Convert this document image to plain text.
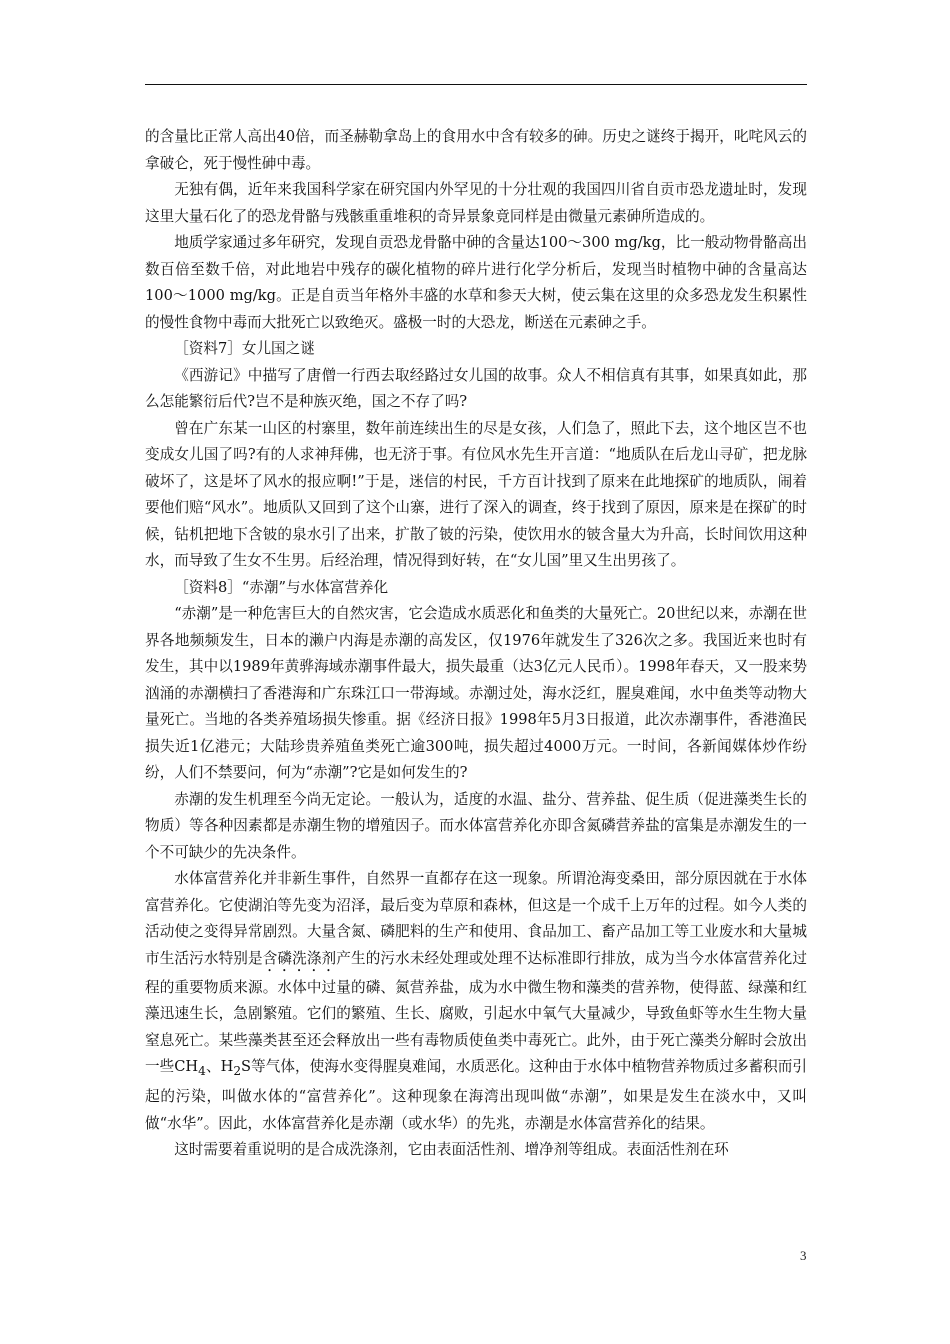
的含量比正常人高出40倍，而圣赫勒拿岛上的食用水中含有较多的砷。历史之谜终于揭开，叱咤风云的拿破仑，死于慢性砷中毒。

无独有偶，近年来我国科学家在研究国内外罕见的十分壮观的我国四川省自贡市恐龙遗址时，发现这里大量石化了的恐龙骨骼与残骸重重堆积的奇异景象竟同样是由微量元素砷所造成的。

地质学家通过多年研究，发现自贡恐龙骨骼中砷的含量达100～300 mg/kg，比一般动物骨骼高出数百倍至数千倍，对此地岩中残存的碳化植物的碎片进行化学分析后，发现当时植物中砷的含量高达100～1000 mg/kg。正是自贡当年格外丰盛的水草和参天大树，使云集在这里的众多恐龙发生积累性的慢性食物中毒而大批死亡以致绝灭。盛极一时的大恐龙，断送在元素砷之手。

［资料7］女儿国之谜

《西游记》中描写了唐僧一行西去取经路过女儿国的故事。众人不相信真有其事，如果真如此，那么怎能繁衍后代?岂不是种族灭绝，国之不存了吗?

曾在广东某一山区的村寨里，数年前连续出生的尽是女孩，人们急了，照此下去，这个地区岂不也变成女儿国了吗?有的人求神拜佛，也无济于事。有位风水先生开言道：“地质队在后龙山寻矿，把龙脉破坏了，这是坏了风水的报应啊!”于是，迷信的村民，千方百计找到了原来在此地探矿的地质队，闹着要他们赔“风水”。地质队又回到了这个山寨，进行了深入的调查，终于找到了原因，原来是在探矿的时候，钻机把地下含铍的泉水引了出来，扩散了铍的污染，使饮用水的铍含量大为升高，长时间饮用这种水，而导致了生女不生男。后经治理，情况得到好转，在“女儿国”里又生出男孩了。

［资料8］“赤潮”与水体富营养化

“赤潮”是一种危害巨大的自然灾害，它会造成水质恶化和鱼类的大量死亡。20世纪以来，赤潮在世界各地频频发生，日本的濑户内海是赤潮的高发区，仅1976年就发生了326次之多。我国近来也时有发生，其中以1989年黄骅海域赤潮事件最大，损失最重（达3亿元人民币）。1998年春天，又一股来势汹涌的赤潮横扫了香港海和广东珠江口一带海域。赤潮过处，海水泛红，腥臭难闻，水中鱼类等动物大量死亡。当地的各类养殖场损失惨重。据《经济日报》1998年5月3日报道，此次赤潮事件，香港渔民损失近1亿港元；大陆珍贵养殖鱼类死亡逾300吨，损失超过4000万元。一时间，各新闻媒体炒作纷纷，人们不禁要问，何为“赤潮”?它是如何发生的?

赤潮的发生机理至今尚无定论。一般认为，适度的水温、盐分、营养盐、促生质（促进藻类生长的物质）等各种因素都是赤潮生物的增殖因子。而水体富营养化亦即含氮磷营养盐的富集是赤潮发生的一个不可缺少的先决条件。

水体富营养化并非新生事件，自然界一直都存在这一现象。所谓沧海变桑田，部分原因就在于水体富营养化。它使湖泊等先变为沼泽，最后变为草原和森林，但这是一个成千上万年的过程。如今人类的活动使之变得异常剧烈。大量含氮、磷肥料的生产和使用、食品加工、畜产品加工等工业废水和大量城市生活污水特别是含磷洗涤剂产生的污水未经处理或处理不达标准即行排放，成为当今水体富营养化过程的重要物质来源。水体中过量的磷、氮营养盐，成为水中微生物和藻类的营养物，使得蓝、绿藻和红藻迅速生长，急剧繁殖。它们的繁殖、生长、腐败，引起水中氧气大量减少，导致鱼虾等水生生物大量窒息死亡。某些藻类甚至还会释放出一些有毒物质使鱼类中毒死亡。此外，由于死亡藻类分解时会放出一些$CH_4$、$H_2S$等气体，使海水变得腥臭难闻，水质恶化。这种由于水体中植物营养物质过多蓄积而引起的污染，叫做水体的“富营养化”。这种现象在海湾出现叫做“赤潮”，如果是发生在淡水中，又叫做“水华”。因此，水体富营养化是赤潮（或水华）的先兆，赤潮是水体富营养化的结果。

这时需要着重说明的是合成洗涤剂，它由表面活性剂、增净剂等组成。表面活性剂在环

3
